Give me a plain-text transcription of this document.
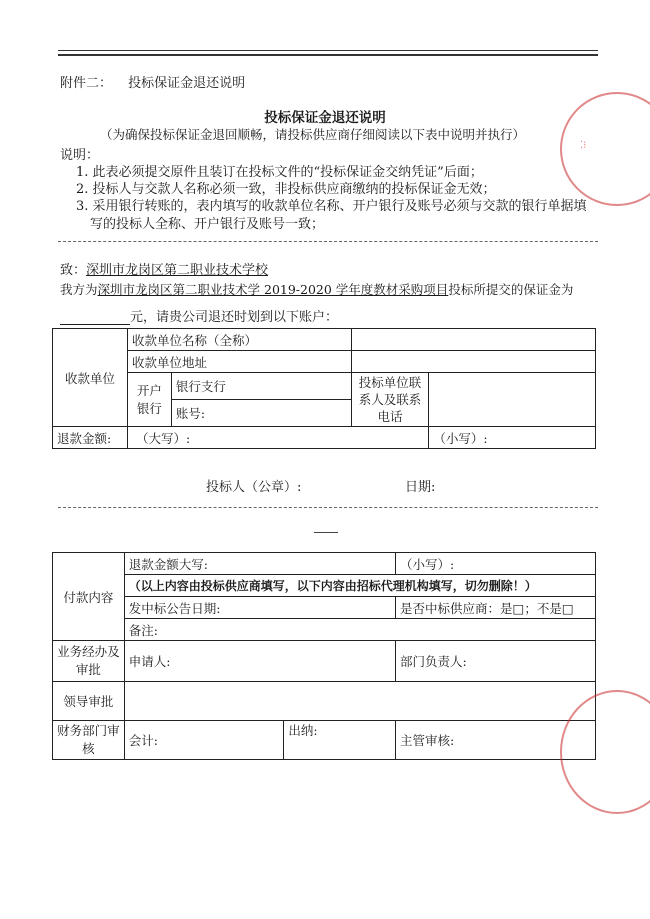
附件二： 投标保证金退还说明
投标保证金退还说明
（为确保投标保证金退回顺畅，请投标供应商仔细阅读以下表中说明并执行）
说明：
1. 此表必须提交原件且装订在投标文件的“投标保证金交纳凭证”后面；
2. 投标人与交款人名称必须一致，非投标供应商缴纳的投标保证金无效；
3. 采用银行转账的，表内填写的收款单位名称、开户银行及账号必须与交款的银行单据填
写的投标人全称、开户银行及账号一致；
致：深圳市龙岗区第二职业技术学校
我方为深圳市龙岗区第二职业技术学 2019-2020 学年度教材采购项目投标所提交的保证金为
元，请贵公司退还时划到以下账户：
收款单位	收款单位名称（全称）			
	收款单位地址			
	开户银行	银行支行	投标单位联系人及联系电话	
		账号:		
退款金额:	（大写）:			（小写）:
投标人（公章）:	日期:
付款内容	退款金额大写:		（小写）:
	（以上内容由投标供应商填写，以下内容由招标代理机构填写，切勿删除！）		
	发中标公告日期:		是否中标供应商：是□；不是□
	备注:		
业务经办及审批	申请人:		部门负责人:
领导审批			
财务部门审核	会计:	出纳:	主管审核:
⁚⁝
